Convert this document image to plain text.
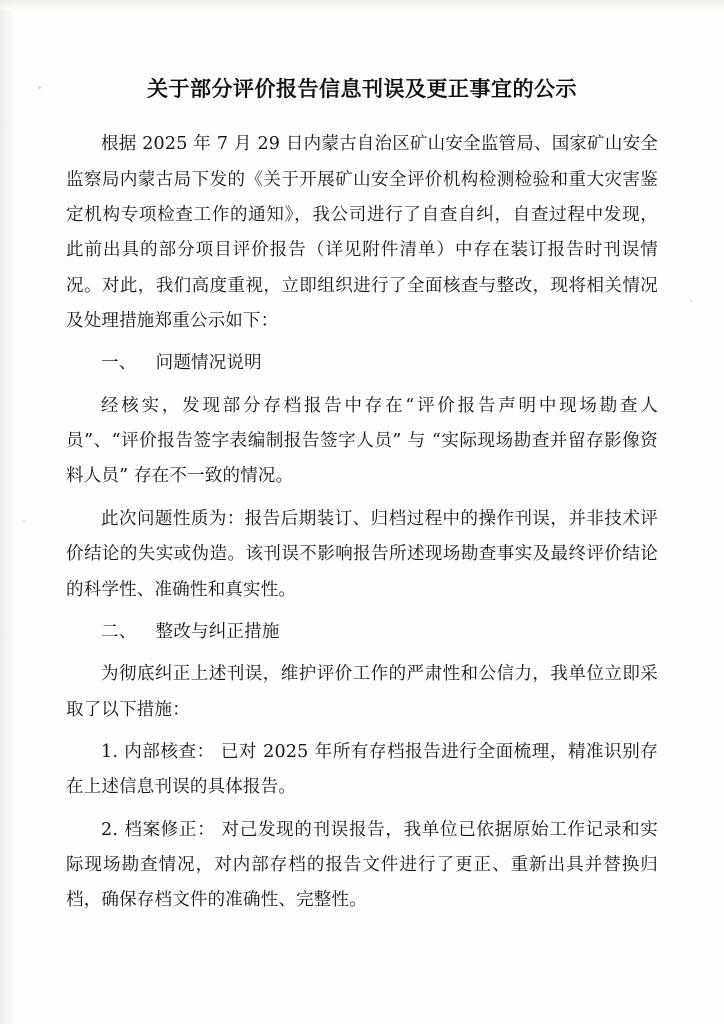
关于部分评价报告信息刊误及更正事宜的公示

根据 2025 年 7 月 29 日内蒙古自治区矿山安全监管局、国家矿山安全监察局内蒙古局下发的《关于开展矿山安全评价机构检测检验和重大灾害鉴定机构专项检查工作的通知》，我公司进行了自查自纠，自查过程中发现，此前出具的部分项目评价报告（详见附件清单）中存在装订报告时刊误情况。对此，我们高度重视，立即组织进行了全面核查与整改，现将相关情况及处理措施郑重公示如下：

一、 问题情况说明

经核实，发现部分存档报告中存在“评价报告声明中现场勘查人员”、“评价报告签字表编制报告签字人员” 与 “实际现场勘查并留存影像资料人员” 存在不一致的情况。

此次问题性质为：报告后期装订、归档过程中的操作刊误，并非技术评价结论的失实或伪造。该刊误不影响报告所述现场勘查事实及最终评价结论的科学性、准确性和真实性。

二、 整改与纠正措施

为彻底纠正上述刊误，维护评价工作的严肃性和公信力，我单位立即采取了以下措施：

1. 内部核查： 已对 2025 年所有存档报告进行全面梳理，精准识别存在上述信息刊误的具体报告。

2. 档案修正： 对己发现的刊误报告，我单位已依据原始工作记录和实际现场勘查情况，对内部存档的报告文件进行了更正、重新出具并替换归档，确保存档文件的准确性、完整性。
